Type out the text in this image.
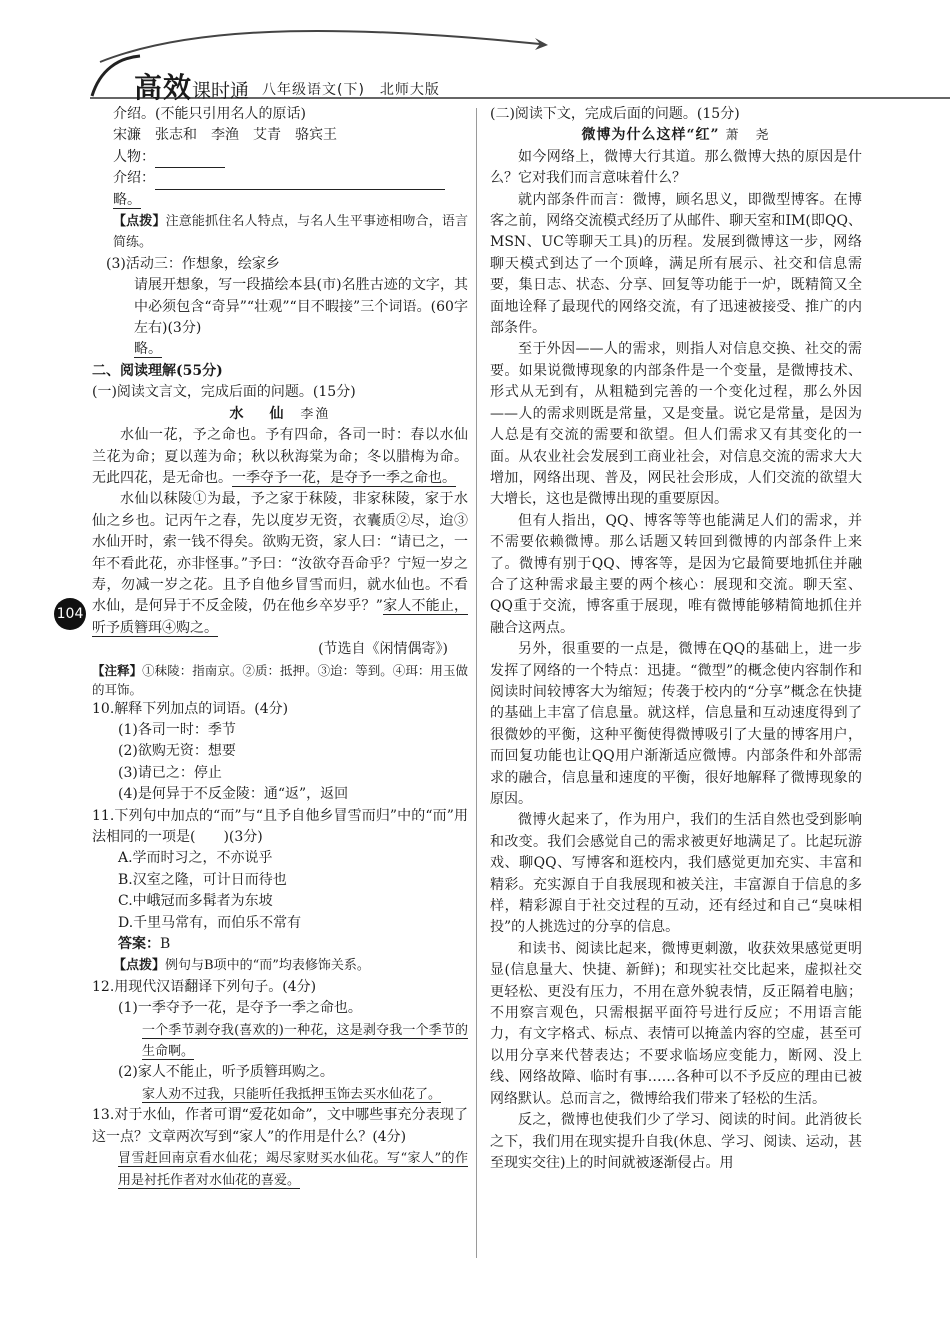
高效课时通 八年级语文(下)　北师大版
104

介绍。(不能只引用名人的原话)

宋濂　张志和　李渔　艾青　骆宾王

人物：

介绍：

略。

【点拨】注意能抓住名人特点，与名人生平事迹相吻合，语言简练。

(3)活动三：作想象，绘家乡

请展开想象，写一段描绘本县(市)名胜古迹的文字，其中必须包含“奇异”“壮观”“目不暇接”三个词语。(60字左右)(3分)

略。

二、阅读理解(55分)

(一)阅读文言文，完成后面的问题。(15分)

水　仙 李渔

水仙一花，予之命也。予有四命，各司一时：春以水仙兰花为命；夏以莲为命；秋以秋海棠为命；冬以腊梅为命。无此四花，是无命也。一季夺予一花，是夺予一季之命也。

水仙以秣陵①为最，予之家于秣陵，非家秣陵，家于水仙之乡也。记丙午之春，先以度岁无资，衣囊质②尽，迨③水仙开时，索一钱不得矣。欲购无资，家人曰：“请已之，一年不看此花，亦非怪事。”予曰：“汝欲夺吾命乎？宁短一岁之寿，勿减一岁之花。且予自他乡冒雪而归，就水仙也。不看水仙，是何异于不反金陵，仍在他乡卒岁乎？”家人不能止，听予质簪珥④购之。

(节选自《闲情偶寄》)

【注释】①秣陵：指南京。②质：抵押。③迨：等到。④珥：用玉做的耳饰。

10.解释下列加点的词语。(4分)

(1)各司一时：季节

(2)欲购无资：想要

(3)请已之：停止

(4)是何异于不反金陵：通“返”，返回

11.下列句中加点的“而”与“且予自他乡冒雪而归”中的“而”用法相同的一项是(　　)(3分)

A.学而时习之，不亦说乎

B.汉室之隆，可计日而待也

C.中峨冠而多髯者为东坡

D.千里马常有，而伯乐不常有

答案：B

【点拨】例句与B项中的“而”均表修饰关系。

12.用现代汉语翻译下列句子。(4分)

(1)一季夺予一花，是夺予一季之命也。

一个季节剥夺我(喜欢的)一种花，这是剥夺我一个季节的生命啊。

(2)家人不能止，听予质簪珥购之。

家人劝不过我，只能听任我抵押玉饰去买水仙花了。

13.对于水仙，作者可谓“爱花如命”，文中哪些事充分表现了这一点？文章两次写到“家人”的作用是什么？(4分)

冒雪赶回南京看水仙花；竭尽家财买水仙花。写“家人”的作用是衬托作者对水仙花的喜爱。

(二)阅读下文，完成后面的问题。(15分)

微博为什么这样“红” 萧　尧

如今网络上，微博大行其道。那么微博大热的原因是什么？它对我们而言意味着什么？

就内部条件而言：微博，顾名思义，即微型博客。在博客之前，网络交流模式经历了从邮件、聊天室和IM(即QQ、MSN、UC等聊天工具)的历程。发展到微博这一步，网络聊天模式到达了一个顶峰，满足所有展示、社交和信息需要，集日志、状态、分享、回复等功能于一炉，既精简又全面地诠释了最现代的网络交流，有了迅速被接受、推广的内部条件。

至于外因——人的需求，则指人对信息交换、社交的需要。如果说微博现象的内部条件是一个变量，是微博技术、形式从无到有，从粗糙到完善的一个变化过程，那么外因——人的需求则既是常量，又是变量。说它是常量，是因为人总是有交流的需要和欲望。但人们需求又有其变化的一面。从农业社会发展到工商业社会，对信息交流的需求大大增加，网络出现、普及，网民社会形成，人们交流的欲望大大增长，这也是微博出现的重要原因。

但有人指出，QQ、博客等等也能满足人们的需求，并不需要依赖微博。那么话题又转回到微博的内部条件上来了。微博有别于QQ、博客等，是因为它最简要地抓住并融合了这种需求最主要的两个核心：展现和交流。聊天室、QQ重于交流，博客重于展现，唯有微博能够精简地抓住并融合这两点。

另外，很重要的一点是，微博在QQ的基础上，进一步发挥了网络的一个特点：迅捷。“微型”的概念使内容制作和阅读时间较博客大为缩短；传袭于校内的“分享”概念在快捷的基础上丰富了信息量。就这样，信息量和互动速度得到了很微妙的平衡，这种平衡使得微博吸引了大量的博客用户，而回复功能也让QQ用户渐渐适应微博。内部条件和外部需求的融合，信息量和速度的平衡，很好地解释了微博现象的原因。

微博火起来了，作为用户，我们的生活自然也受到影响和改变。我们会感觉自己的需求被更好地满足了。比起玩游戏、聊QQ、写博客和逛校内，我们感觉更加充实、丰富和精彩。充实源自于自我展现和被关注，丰富源自于信息的多样，精彩源自于社交过程的互动，还有经过和自己“臭味相投”的人挑选过的分享的信息。

和读书、阅读比起来，微博更刺激，收获效果感觉更明显(信息量大、快捷、新鲜)；和现实社交比起来，虚拟社交更轻松、更没有压力，不用在意外貌表情，反正隔着电脑；不用察言观色，只需根据平面符号进行反应；不用语言能力，有文字格式、标点、表情可以掩盖内容的空虚，甚至可以用分享来代替表达；不要求临场应变能力，断网、没上线、网络故障、临时有事……各种可以不予反应的理由已被网络默认。总而言之，微博给我们带来了轻松的生活。

反之，微博也使我们少了学习、阅读的时间。此消彼长之下，我们用在现实提升自我(休息、学习、阅读、运动，甚至现实交往)上的时间就被逐渐侵占。用
